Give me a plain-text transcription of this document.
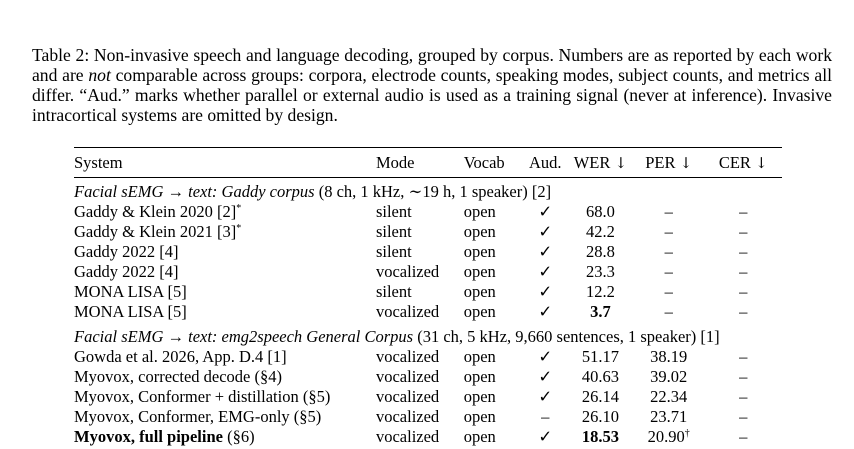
Table 2: Non-invasive speech and language decoding, grouped by corpus. Numbers are as reported by each work and are not comparable across groups: corpora, electrode counts, speaking modes, subject counts, and metrics all differ. “Aud.” marks whether parallel or external audio is used as a training signal (never at inference). Invasive intracortical systems are omitted by design.
System	Mode	Vocab	Aud.	WER ↓	PER ↓	CER ↓
Facial sEMG → text: Gaddy corpus (8 ch, 1 kHz, ∼19 h, 1 speaker) [2]						
Gaddy & Klein 2020 [2]*	silent	open	✓	68.0	–	–
Gaddy & Klein 2021 [3]*	silent	open	✓	42.2	–	–
Gaddy 2022 [4]	silent	open	✓	28.8	–	–
Gaddy 2022 [4]	vocalized	open	✓	23.3	–	–
MONA LISA [5]	silent	open	✓	12.2	–	–
MONA LISA [5]	vocalized	open	✓	3.7	–	–
Facial sEMG → text: emg2speech General Corpus (31 ch, 5 kHz, 9,660 sentences, 1 speaker) [1]						
Gowda et al. 2026, App. D.4 [1]	vocalized	open	✓	51.17	38.19	–
Myovox, corrected decode (§4)	vocalized	open	✓	40.63	39.02	–
Myovox, Conformer + distillation (§5)	vocalized	open	✓	26.14	22.34	–
Myovox, Conformer, EMG-only (§5)	vocalized	open	–	26.10	23.71	–
Myovox, full pipeline (§6)	vocalized	open	✓	18.53	20.90†	–
